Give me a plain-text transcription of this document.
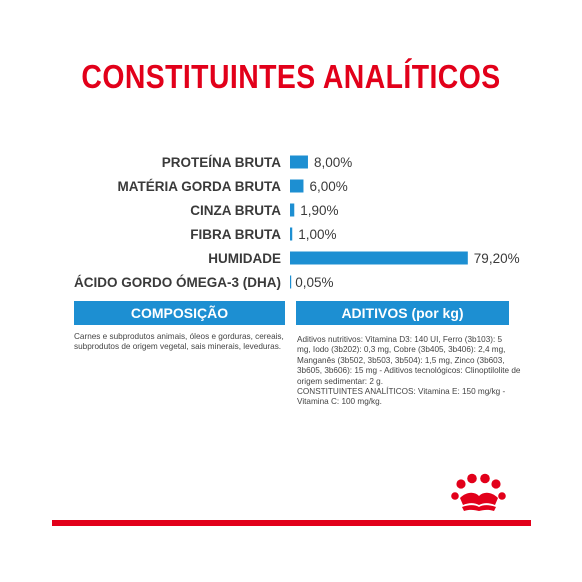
CONSTITUINTES ANALÍTICOS
PROTEÍNA BRUTA 8,00%
MATÉRIA GORDA BRUTA 6,00%
CINZA BRUTA 1,90%
FIBRA BRUTA 1,00%
HUMIDADE	79,20%
ÁCIDO GORDO ÓMEGA-3 (DHA) 0,05%
COMPOSIÇÃO
Carnes e subprodutos animais, óleos e gorduras, cereais, subprodutos de origem vegetal, sais minerais, leveduras.
ADITIVOS (por kg)
Aditivos nutritivos: Vitamina D3: 140 UI, Ferro (3b103): 5
mg, Iodo (3b202): 0,3 mg, Cobre (3b405, 3b406): 2,4 mg,
Manganês (3b502, 3b503, 3b504): 1,5 mg, Zinco (3b603,
3b605, 3b606): 15 mg - Aditivos tecnológicos: Clinoptilolite de
origem sedimentar: 2 g.
CONSTITUINTES ANALÍTICOS: Vitamina E: 150 mg/kg -
Vitamina C: 100 mg/kg.
